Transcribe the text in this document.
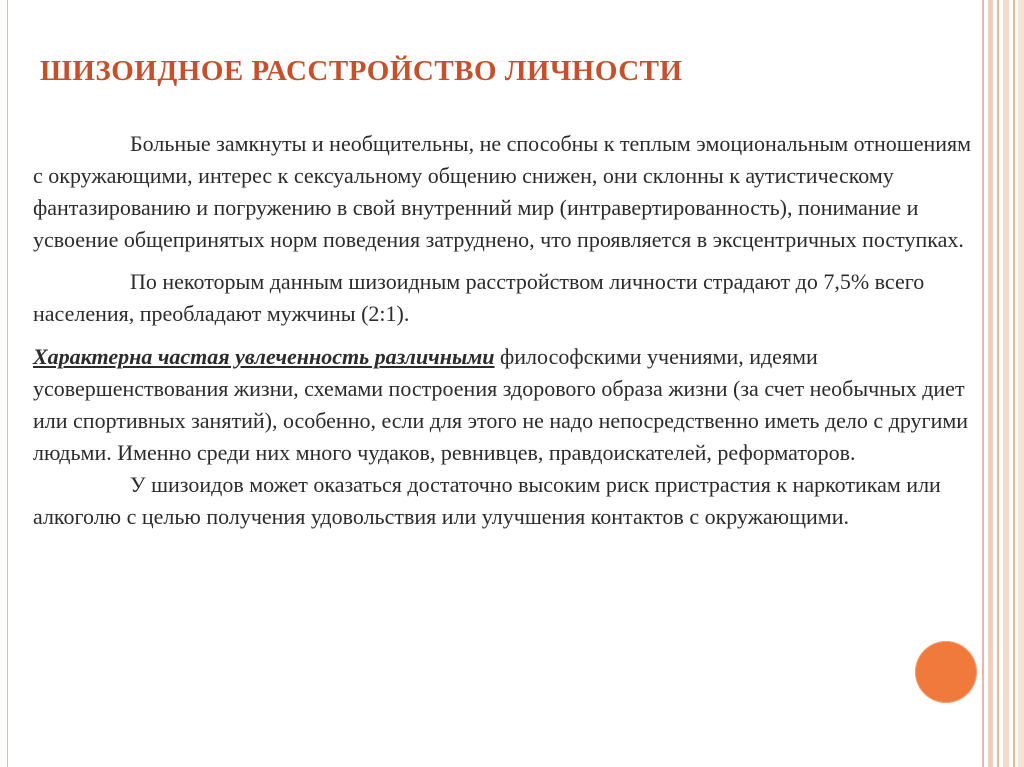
ШИЗОИДНОЕ РАССТРОЙСТВО ЛИЧНОСТИ

Больные замкнуты и необщительны, не способны к теплым эмоциональным отношениям с окружающими, интерес к сексуальному общению снижен, они склонны к аутистическому фантазированию и погружению в свой внутренний мир (интравертированность), понимание и усвоение общепринятых норм поведения затруднено, что проявляется в эксцентричных поступках.

По некоторым данным шизоидным расстройством личности страдают до 7,5% всего населения, преобладают мужчины (2:1).

Характерна частая увлеченность различными философскими учениями, идеями усовершенствования жизни, схемами построения здорового образа жизни (за счет необычных диет или спортивных занятий), особенно, если для этого не надо непосредственно иметь дело с другими людьми. Именно среди них много чудаков, ревнивцев, правдоискателей, реформаторов.

У шизоидов может оказаться достаточно высоким риск пристрастия к наркотикам или алкоголю с целью получения удовольствия или улучшения контактов с окружающими.
